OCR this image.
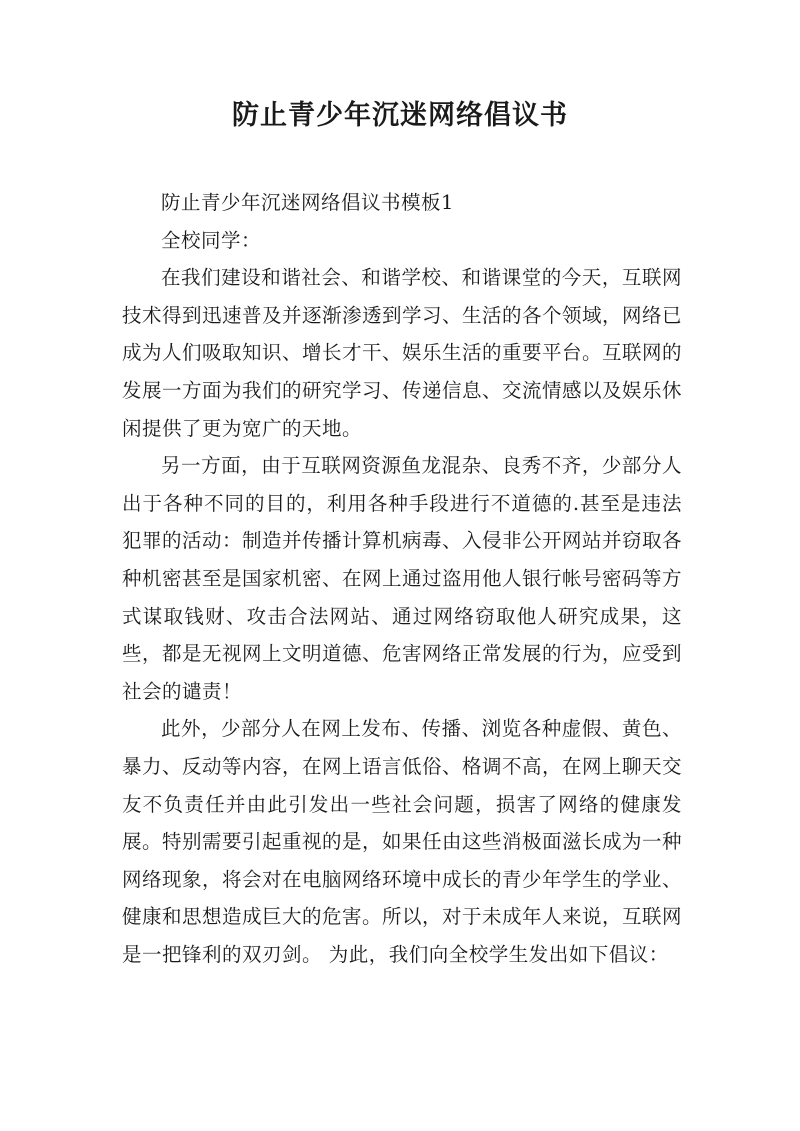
防止青少年沉迷网络倡议书

防止青少年沉迷网络倡议书模板1

全校同学：

在我们建设和谐社会、和谐学校、和谐课堂的今天，互联网技术得到迅速普及并逐渐渗透到学习、生活的各个领域，网络已成为人们吸取知识、增长才干、娱乐生活的重要平台。互联网的发展一方面为我们的研究学习、传递信息、交流情感以及娱乐休闲提供了更为宽广的天地。

另一方面，由于互联网资源鱼龙混杂、良秀不齐，少部分人出于各种不同的目的，利用各种手段进行不道德的.甚至是违法犯罪的活动：制造并传播计算机病毒、入侵非公开网站并窃取各种机密甚至是国家机密、在网上通过盗用他人银行帐号密码等方式谋取钱财、攻击合法网站、通过网络窃取他人研究成果，这些，都是无视网上文明道德、危害网络正常发展的行为，应受到社会的谴责！

此外，少部分人在网上发布、传播、浏览各种虚假、黄色、暴力、反动等内容，在网上语言低俗、格调不高，在网上聊天交友不负责任并由此引发出一些社会问题，损害了网络的健康发展。特别需要引起重视的是，如果任由这些消极面滋长成为一种网络现象，将会对在电脑网络环境中成长的青少年学生的学业、健康和思想造成巨大的危害。所以，对于未成年人来说，互联网是一把锋利的双刃剑。 为此，我们向全校学生发出如下倡议：
